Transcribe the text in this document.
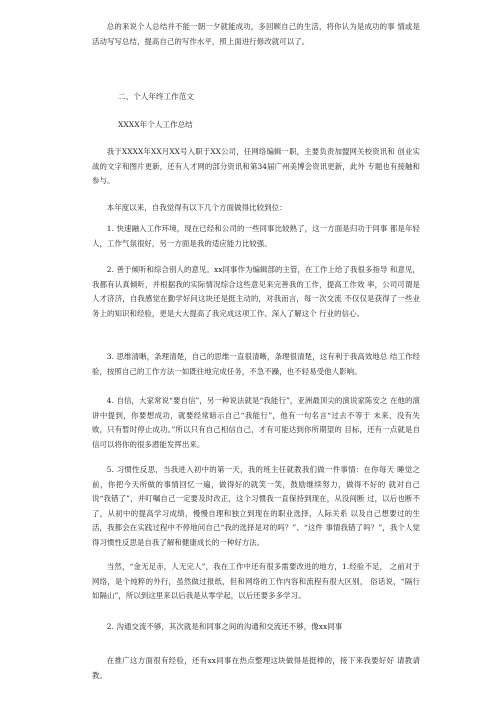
总的来说个人总结并不能一朝一夕就能成功，多回顾自己的生活，将你认为是成功的事 情或是活动写写总结，提高自己的写作水平，照上面进行修改就可以了。

二、个人年终工作范文

XXXX年个人工作总结

我于XXXX年XX月XX号入职于XX公司，任网络编辑一职，主要负责加盟网关校资讯和 创业实战的文字和图片更新，还有人才网的部分资讯和第34届广州美博会资讯更新，此外 专题也有接触和参与。

本年度以来，自我觉得有以下几个方面做得比较到位：

1. 快速融入工作环境，现在已经和公司的一些同事比较熟了，这一方面是归功于同事 都是年轻人，工作气氛很好，另一方面是我的适应能力比较强。

2. 善于倾听和综合别人的意见。xx同事作为编辑部的主管，在工作上给了我很多指导 和意见，我都有认真倾听，并根据我的实际情况综合这些意见来完善我的工作，提高工作效 率，公司可谓是人才济济，自我感觉在勤学好问这块还是挺主动的，对我而言，每一次交流 不仅仅是获得了一些业务上的知识和经验，更是大大提高了我完成这项工作、深入了解这个 行业的信心。

3. 思维清晰，条理清楚，自己的思维一直很清晰，条理很清楚，这有利于我高效地总 结工作经验，按照自己的工作方法一如既往地完成任务，不急不躁，也不轻易受他人影响。

4. 自信，大家常说“要自信”，另一种说法就是“我能行”，亚洲最顶尖的演说家陈安之 在他的演讲中提到，你要想成功，就要经常暗示自己“我能行”，他有一句名言“过去不等于 未来，没有失败，只有暂时停止成功。”所以只有自己相信自己，才有可能达到你所期望的 目标，还有一点就是自信可以将你的很多潜能发挥出来。

5. 习惯性反思，当我进入初中的第一天，我的班主任就教我们做一件事情：在你每天 睡觉之前，你把今天所做的事情回忆一遍，做得好的就笑一笑，鼓励继续努力，做得不好的 就对自己说“我错了”，并叮嘱自己一定要及时改正，这个习惯我一直保持到现在，从没间断 过，以后也断不了，从初中的提高学习成绩，慢慢自理和独立到现在的职业选择，人际关系 以及自己想要过的生活，我都会在实践过程中不停地问自己“我的选择是对的吗？”、“这件 事情我错了吗？”，我个人觉得习惯性反思是自我了解和健康成长的一种好方法。

当然，“金无足赤，人无完人”，我在工作中还有很多需要改进的地方，1.经验不足， 之前对于网络，是个纯粹的外行，虽然做过报纸，但和网络的工作内容和流程有很大区别， 俗话说，“隔行如隔山”，所以到这里来以后我是从零学起，以后还要多多学习。

2. 沟通交流不够，其次就是和同事之间的沟通和交流还不够，像xx同事

在推广这方面很有经验，还有xx同事在热点整理这块做得是挺棒的，接下来我要好好 请教请教。
